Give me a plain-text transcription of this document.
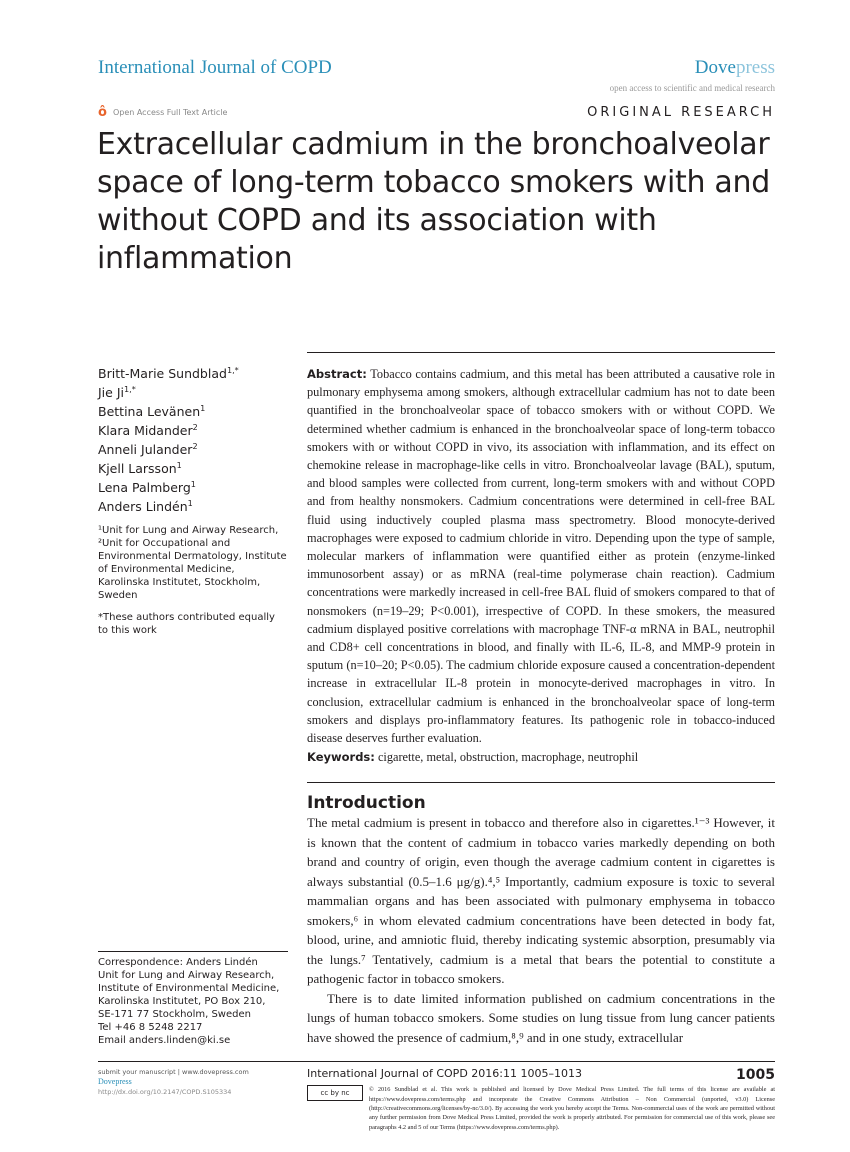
International Journal of COPD	Dovepress
open access to scientific and medical research
ô Open Access Full Text Article	ORIGINAL RESEARCH
Extracellular cadmium in the bronchoalveolar space of long-term tobacco smokers with and without COPD and its association with inflammation
Britt-Marie Sundblad$^{1,*}$
Jie $Ji^{1,*}$
Bettina Levänen$^1$
Klara Midander$^2$
Anneli Julander$^2$
Kjell Larsson$^1$
Lena Palmberg$^1$
Anders Lindén$^1$
¹Unit for Lung and Airway Research, ²Unit for Occupational and Environmental Dermatology, Institute of Environmental Medicine, Karolinska Institutet, Stockholm, Sweden
*These authors contributed equally to this work
Correspondence: Anders Lindén
Unit for Lung and Airway Research,
Institute of Environmental Medicine,
Karolinska Institutet, PO Box 210,
SE-171 77 Stockholm, Sweden
Tel +46 8 5248 2217
Email anders.linden@ki.se
Abstract: Tobacco contains cadmium, and this metal has been attributed a causative role in pulmonary emphysema among smokers, although extracellular cadmium has not to date been quantified in the bronchoalveolar space of tobacco smokers with or without COPD. We determined whether cadmium is enhanced in the bronchoalveolar space of long-term tobacco smokers with or without COPD in vivo, its association with inflammation, and its effect on chemokine release in macrophage-like cells in vitro. Bronchoalveolar lavage (BAL), sputum, and blood samples were collected from current, long-term smokers with and without COPD and from healthy nonsmokers. Cadmium concentrations were determined in cell-free BAL fluid using inductively coupled plasma mass spectrometry. Blood monocyte-derived macrophages were exposed to cadmium chloride in vitro. Depending upon the type of sample, molecular markers of inflammation were quantified either as protein (enzyme-linked immunosorbent assay) or as mRNA (real-time polymerase chain reaction). Cadmium concentrations were markedly increased in cell-free BAL fluid of smokers compared to that of nonsmokers (n=19–29; P<0.001), irrespective of COPD. In these smokers, the measured cadmium displayed positive correlations with macrophage TNF-α mRNA in BAL, neutrophil and CD8+ cell concentrations in blood, and finally with IL-6, IL-8, and MMP-9 protein in sputum (n=10–20; P<0.05). The cadmium chloride exposure caused a concentration-dependent increase in extracellular IL-8 protein in monocyte-derived macrophages in vitro. In conclusion, extracellular cadmium is enhanced in the bronchoalveolar space of long-term smokers and displays pro-inflammatory features. Its pathogenic role in tobacco-induced disease deserves further evaluation.
Keywords: cigarette, metal, obstruction, macrophage, neutrophil
Introduction

The metal cadmium is present in tobacco and therefore also in cigarettes.¹⁻³ However, it is known that the content of cadmium in tobacco varies markedly depending on both brand and country of origin, even though the average cadmium content in cigarettes is always substantial (0.5–1.6 μg/g).⁴,⁵ Importantly, cadmium exposure is toxic to several mammalian organs and has been associated with pulmonary emphysema in tobacco smokers,⁶ in whom elevated cadmium concentrations have been detected in body fat, blood, urine, and amniotic fluid, thereby indicating systemic absorption, presumably via the lungs.⁷ Tentatively, cadmium is a metal that bears the potential to constitute a pathogenic factor in tobacco smokers.

There is to date limited information published on cadmium concentrations in the lungs of human tobacco smokers. Some studies on lung tissue from lung cancer patients have showed the presence of cadmium,⁸,⁹ and in one study, extracellular

submit your manuscript | www.dovepress.com
Dovepress
http://dx.doi.org/10.2147/COPD.S105334
International Journal of COPD 2016:11 1005–1013	1005
cc by nc	© 2016 Sundblad et al. This work is published and licensed by Dove Medical Press Limited. The full terms of this license are available at https://www.dovepress.com/terms.php and incorporate the Creative Commons Attribution – Non Commercial (unported, v3.0) License (http://creativecommons.org/licenses/by-nc/3.0/). By accessing the work you hereby accept the Terms. Non-commercial uses of the work are permitted without any further permission from Dove Medical Press Limited, provided the work is properly attributed. For permission for commercial use of this work, please see paragraphs 4.2 and 5 of our Terms (https://www.dovepress.com/terms.php).
